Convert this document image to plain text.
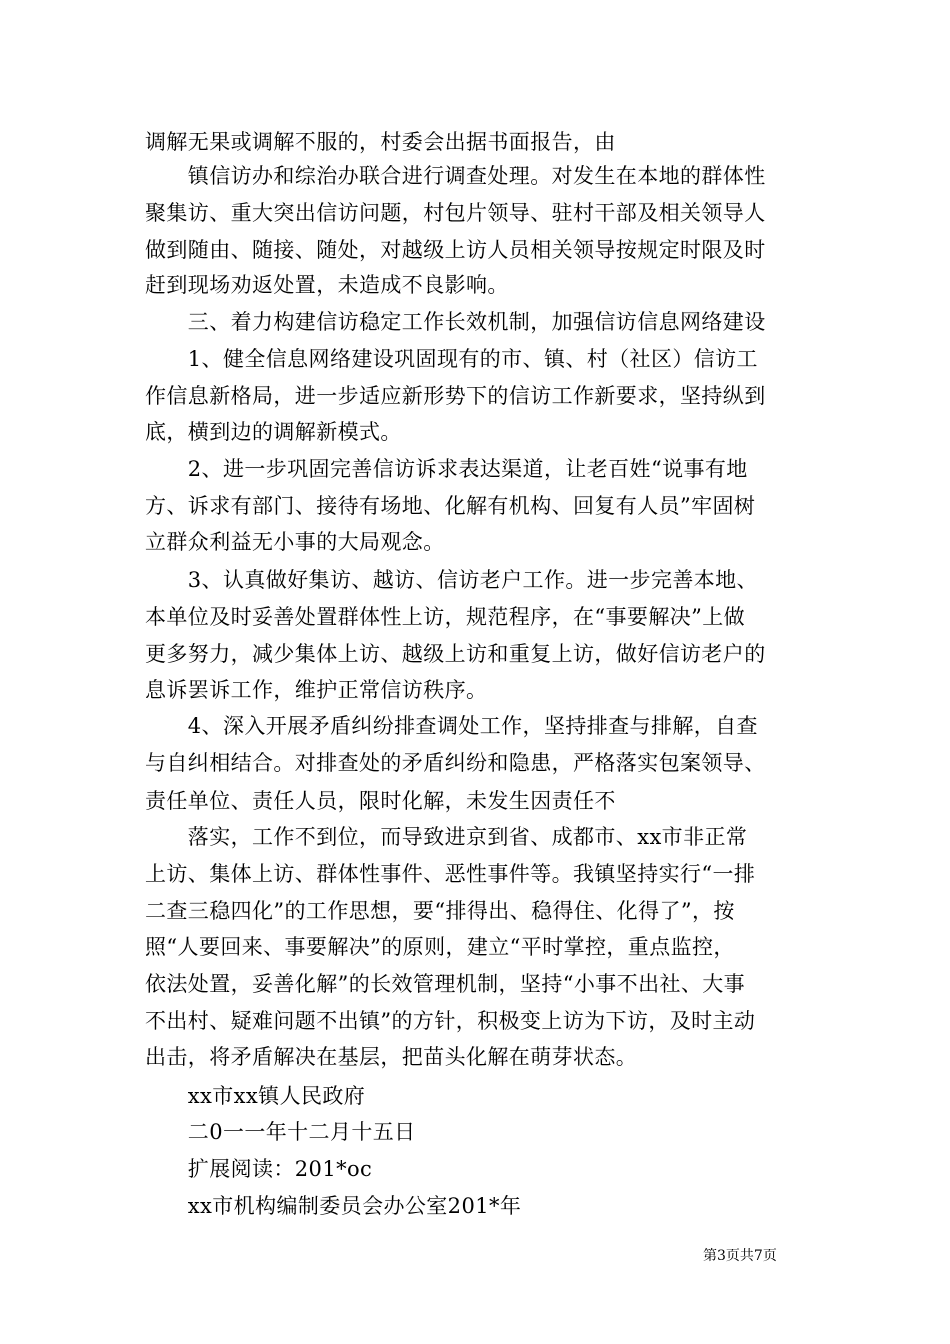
调解无果或调解不服的，村委会出据书面报告，由
　　镇信访办和综治办联合进行调查处理。对发生在本地的群体性
聚集访、重大突出信访问题，村包片领导、驻村干部及相关领导人
做到随由、随接、随处，对越级上访人员相关领导按规定时限及时
赶到现场劝返处置，未造成不良影响。
　　三、着力构建信访稳定工作长效机制，加强信访信息网络建设
　　1、健全信息网络建设巩固现有的市、镇、村（社区）信访工
作信息新格局，进一步适应新形势下的信访工作新要求，坚持纵到
底，横到边的调解新模式。
　　2、进一步巩固完善信访诉求表达渠道，让老百姓“说事有地
方、诉求有部门、接待有场地、化解有机构、回复有人员”牢固树
立群众利益无小事的大局观念。
　　3、认真做好集访、越访、信访老户工作。进一步完善本地、
本单位及时妥善处置群体性上访，规范程序，在“事要解决”上做
更多努力，减少集体上访、越级上访和重复上访，做好信访老户的
息诉罢诉工作，维护正常信访秩序。
　　4、深入开展矛盾纠纷排查调处工作，坚持排查与排解，自查
与自纠相结合。对排查处的矛盾纠纷和隐患，严格落实包案领导、
责任单位、责任人员，限时化解，未发生因责任不
　　落实，工作不到位，而导致进京到省、成都市、xx市非正常
上访、集体上访、群体性事件、恶性事件等。我镇坚持实行“一排
二查三稳四化”的工作思想，要“排得出、稳得住、化得了”，按
照“人要回来、事要解决”的原则，建立“平时掌控，重点监控，
依法处置，妥善化解”的长效管理机制，坚持“小事不出社、大事
不出村、疑难问题不出镇”的方针，积极变上访为下访，及时主动
出击，将矛盾解决在基层，把苗头化解在萌芽状态。
　　xx市xx镇人民政府
　　二0一一年十二月十五日
　　扩展阅读：201*oc
　　xx市机构编制委员会办公室201*年
第3页共7页
